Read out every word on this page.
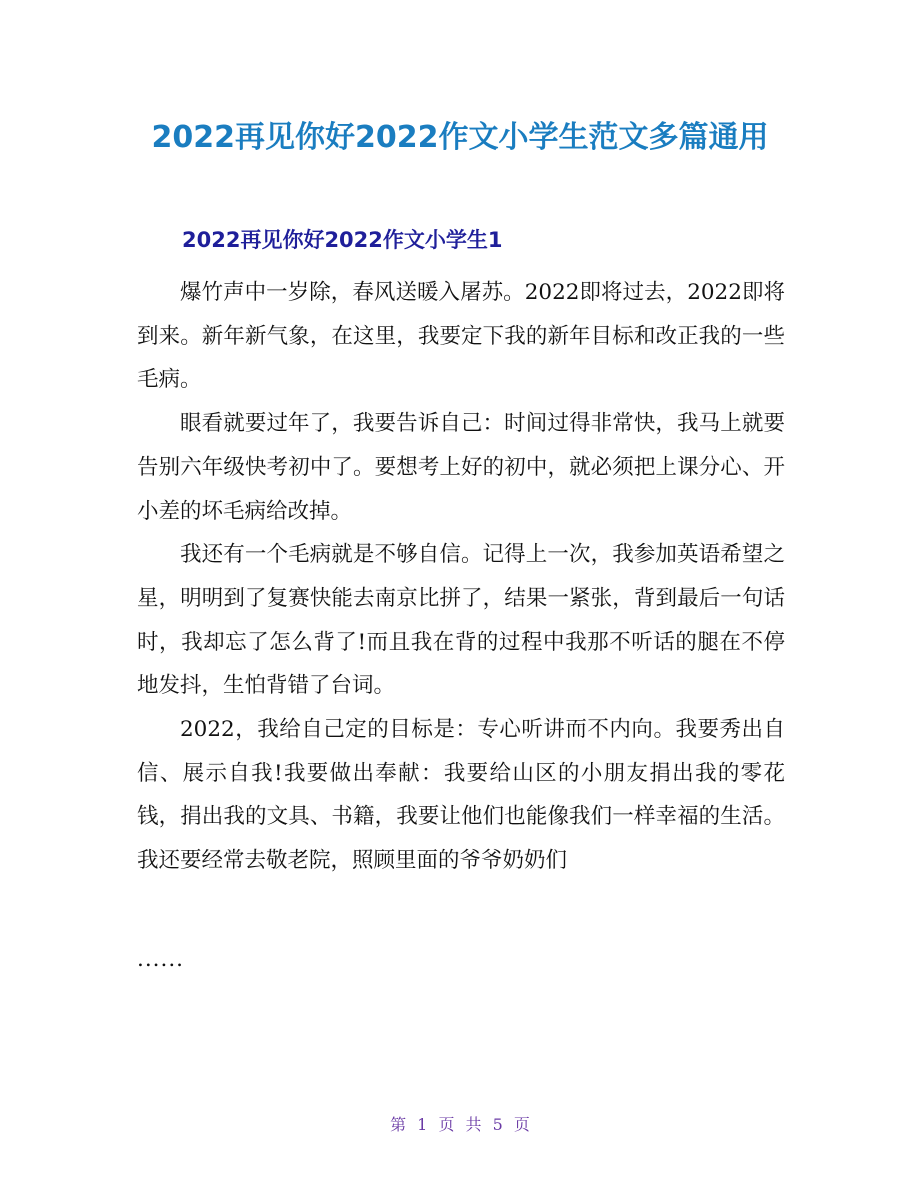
2022再见你好2022作文小学生范文多篇通用
2022再见你好2022作文小学生1

爆竹声中一岁除，春风送暖入屠苏。2022即将过去，2022即将到来。新年新气象，在这里，我要定下我的新年目标和改正我的一些毛病。

眼看就要过年了，我要告诉自己：时间过得非常快，我马上就要告别六年级快考初中了。要想考上好的初中，就必须把上课分心、开小差的坏毛病给改掉。

我还有一个毛病就是不够自信。记得上一次，我参加英语希望之星，明明到了复赛快能去南京比拼了，结果一紧张，背到最后一句话时，我却忘了怎么背了!而且我在背的过程中我那不听话的腿在不停地发抖，生怕背错了台词。

2022，我给自己定的目标是：专心听讲而不内向。我要秀出自信、展示自我!我要做出奉献：我要给山区的小朋友捐出我的零花钱，捐出我的文具、书籍，我要让他们也能像我们一样幸福的生活。我还要经常去敬老院，照顾里面的爷爷奶奶们

......
第 1 页 共 5 页
